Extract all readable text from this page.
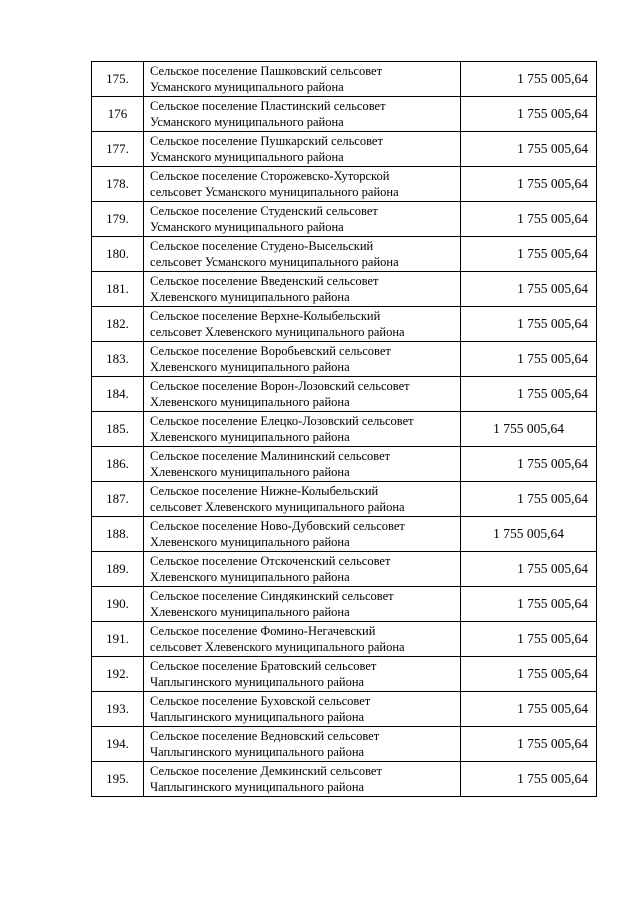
175.	Сельское поселение Пашковский сельсовет
Усманского муниципального района	1 755 005,64
176	Сельское поселение Пластинский сельсовет
Усманского муниципального района	1 755 005,64
177.	Сельское поселение Пушкарский сельсовет
Усманского муниципального района	1 755 005,64
178.	Сельское поселение Сторожевско-Хуторской
сельсовет Усманского муниципального района	1 755 005,64
179.	Сельское поселение Студенский сельсовет
Усманского муниципального района	1 755 005,64
180.	Сельское поселение Студено-Высельский
сельсовет Усманского муниципального района	1 755 005,64
181.	Сельское поселение Введенский сельсовет
Хлевенского муниципального района	1 755 005,64
182.	Сельское поселение Верхне-Колыбельский
сельсовет Хлевенского муниципального района	1 755 005,64
183.	Сельское поселение Воробьевский сельсовет
Хлевенского муниципального района	1 755 005,64
184.	Сельское поселение Ворон-Лозовский сельсовет
Хлевенского муниципального района	1 755 005,64
185.	Сельское поселение Елецко-Лозовский сельсовет
Хлевенского муниципального района	1 755 005,64
186.	Сельское поселение Малининский сельсовет
Хлевенского муниципального района	1 755 005,64
187.	Сельское поселение Нижне-Колыбельский
сельсовет Хлевенского муниципального района	1 755 005,64
188.	Сельское поселение Ново-Дубовский сельсовет
Хлевенского муниципального района	1 755 005,64
189.	Сельское поселение Отскоченский сельсовет
Хлевенского муниципального района	1 755 005,64
190.	Сельское поселение Синдякинский сельсовет
Хлевенского муниципального района	1 755 005,64
191.	Сельское поселение Фомино-Негачевский
сельсовет Хлевенского муниципального района	1 755 005,64
192.	Сельское поселение Братовский сельсовет
Чаплыгинского муниципального района	1 755 005,64
193.	Сельское поселение Буховской сельсовет
Чаплыгинского муниципального района	1 755 005,64
194.	Сельское поселение Ведновский сельсовет
Чаплыгинского муниципального района	1 755 005,64
195.	Сельское поселение Демкинский сельсовет
Чаплыгинского муниципального района	1 755 005,64
